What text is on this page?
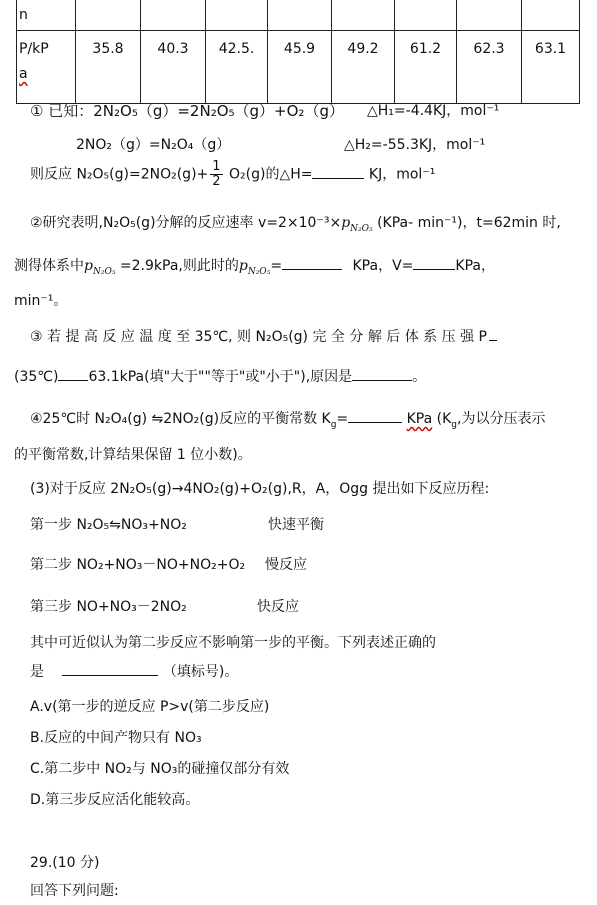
n								
P/kP
a	35.8	40.3	42.5.	45.9	49.2	61.2	62.3	63.1
① 已知：2N₂O₅（g）=2N₂O₅（g）+O₂（g） △H₁=-4.4KJ，mol⁻¹
2NO₂（g）=N₂O₄（g）	△H₂=-55.3KJ，mol⁻¹
则反应 $N_2O_5(g)=2NO_2(g)+ \frac{1}{2} O_2(g)$的△H=	KJ，mol⁻¹
②研究表明,N₂O₅(g)分解的反应速率 $v=2\times 10^{-3}\times p_{N_2O_5}$ (KPa- min⁻¹)，t=62min 时,
测得体系中$p_{N_2O_5} =2.9kPa$,则此时的$p_{N_2O_5}=$	KPa，V=	KPa，
min⁻¹。
③ 若 提 高 反 应 温 度 至 35℃, 则 N₂O₅(g) 完 全 分 解 后 体 系 压 强 P
(35℃) 63.1kPa(填"大于""等于"或"小于"),原因是	。
④25℃时 N₂O₄(g) ⇋2NO₂(g)反应的平衡常数 $K_g=$	KPa ($K_g$,为以分压表示
的平衡常数,计算结果保留 1 位小数)。
(3)对于反应 2N₂O₅(g)→4NO₂(g)+O₂(g),R，A，Ogg 提出如下反应历程:
第一步 N₂O₅⇋NO₃+NO₂	快速平衡
第二步 NO₂+NO₃－NO+NO₂+O₂ 慢反应
第三步 NO+NO₃－2NO₂	快反应
其中可近似认为第二步反应不影响第一步的平衡。下列表述正确的
是	（填标号)。
A.v(第一步的逆反应 P>v(第二步反应)
B.反应的中间产物只有 NO₃
C.第二步中 NO₂与 NO₃的碰撞仅部分有效
D.第三步反应活化能较高。
29.(10 分)
回答下列问题:
